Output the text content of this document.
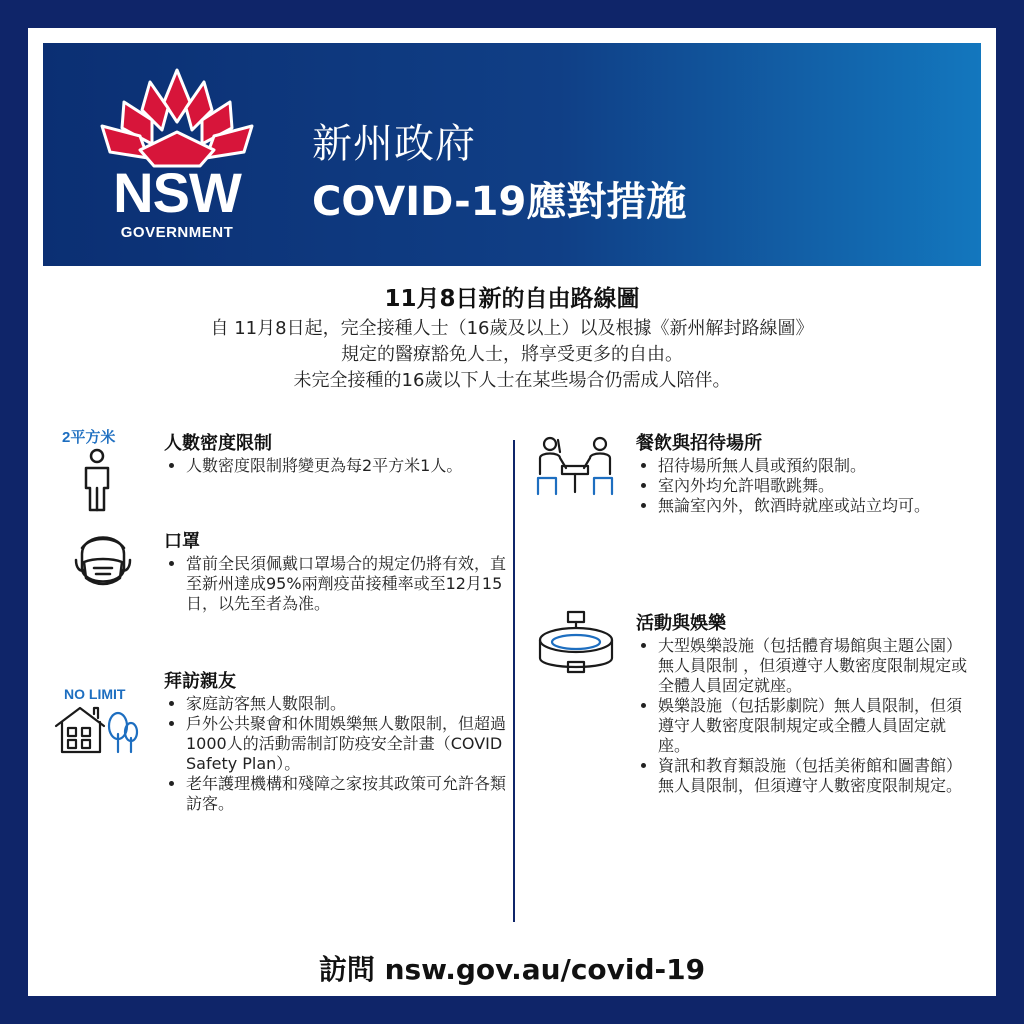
NSW
GOVERNMENT
新州政府
COVID-19應對措施
11月8日新的自由路線圖
自 11月8日起，完全接種人士（16歲及以上）以及根據《新州解封路線圖》
規定的醫療豁免人士，將享受更多的自由。
未完全接種的16歲以下人士在某些場合仍需成人陪伴。
2平方米	人數密度限制
• 人數密度限制將變更為每2平方米1人。
口罩
• 當前全民須佩戴口罩場合的規定仍將有效，直至新州達成95%兩劑疫苗接種率或至12月15日，以先至者為准。
NO LIMIT
拜訪親友
• 家庭訪客無人數限制。
• 戶外公共聚會和休閒娛樂無人數限制，但超過 1000人的活動需制訂防疫安全計畫（COVID Safety Plan）。
• 老年護理機構和殘障之家按其政策可允許各類訪客。
餐飲與招待場所
• 招待場所無人員或預約限制。
• 室內外均允許唱歌跳舞。
• 無論室內外，飲酒時就座或站立均可。
活動與娛樂
• 大型娛樂設施（包括體育場館與主題公園）無人員限制 ，但須遵守人數密度限制規定或全體人員固定就座。
• 娛樂設施（包括影劇院）無人員限制，但須遵守人數密度限制規定或全體人員固定就座。
• 資訊和教育類設施（包括美術館和圖書館）無人員限制，但須遵守人數密度限制規定。
訪問 nsw.gov.au/covid-19
